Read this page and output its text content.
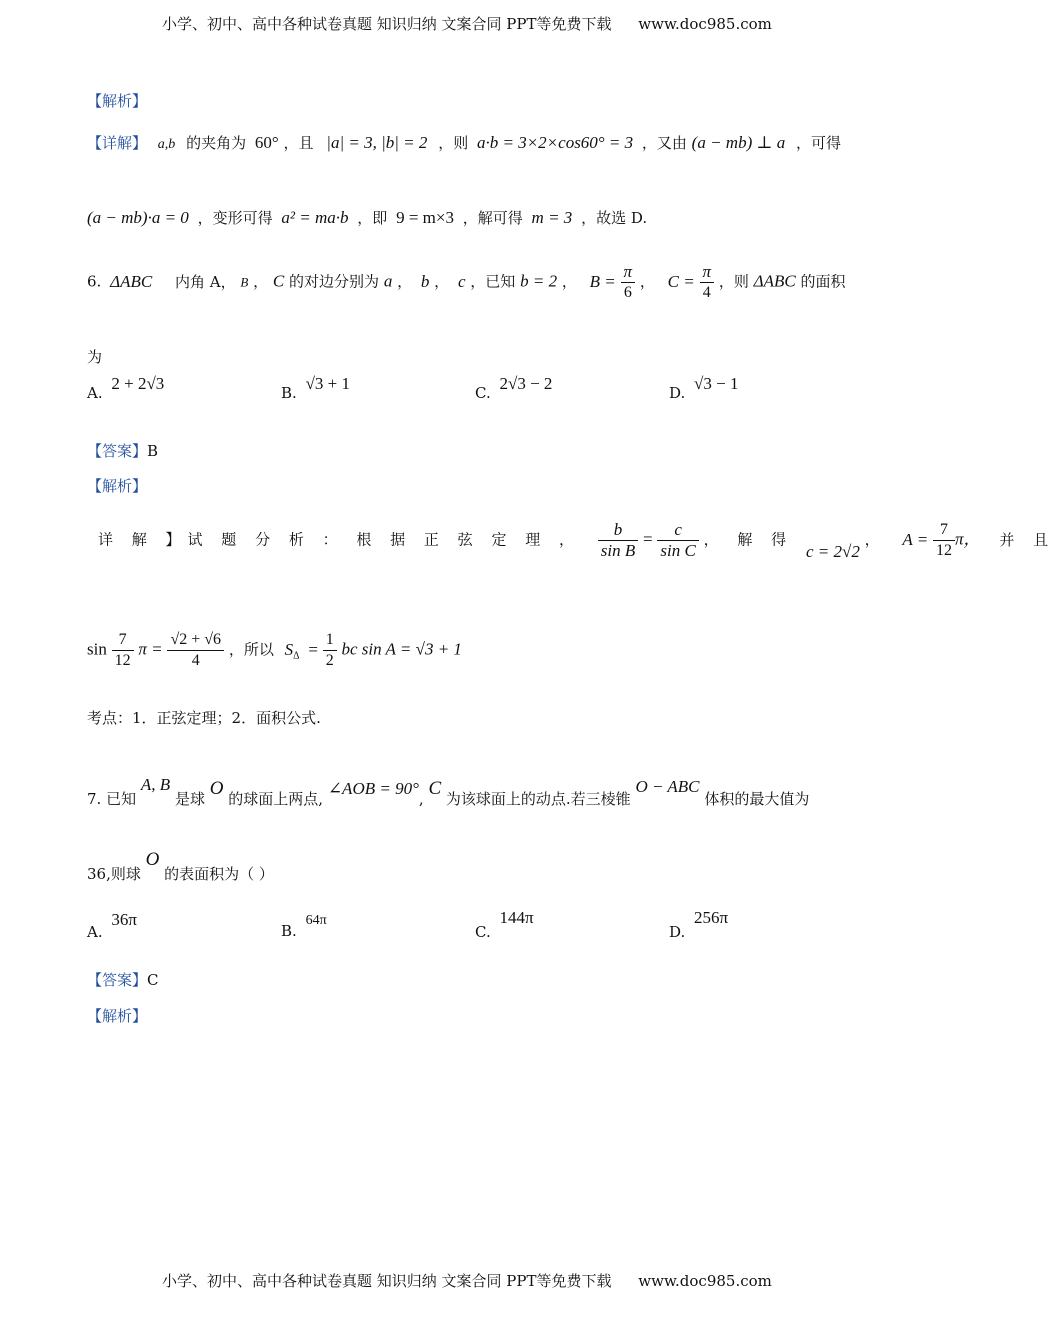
小学、初中、高中各种试卷真题 知识归纳 文案合同 PPT等免费下载 www.doc985.com
【解析】
【详解】 a,b 的夹角为 60° ，且 |a| = 3, |b| = 2 ，则 a·b = 3×2×cos60° = 3 ，又由 (a − mb) ⊥ a ，可得
(a − mb)·a = 0 ，变形可得 a² = ma·b ，即 9 = m×3 ，解可得 m = 3 ，故选 D.
6. ΔABC 内角 A， B ， C 的对边分别为 a ， b ， c ，已知 b = 2 ， $B = \frac{\pi}{6}$ ， $C = \frac{\pi}{4}$ ，则 ΔABC 的面积
为
A. 2 + 2√3	B. √3 + 1	C. 2√3 − 2	D. √3 − 1
【答案】B
【解析】
详 解 】试 题 分 析 ： 根 据 正 弦 定 理 ， $\frac{b}{\text{sin B}} = \frac{c}{\text{sin C}}$ ， 解 得 c = 2√2 ， $A = \frac{7}{12}$ π， 并 且
$\sin \frac{7}{12}$ $\pi = \frac{√2 + √6}{4}$ ，所以 $S_\Delta = \frac{1}{2}$ bc sin A = √3 + 1
考点：1．正弦定理；2．面积公式.
7. 已知 A, B 是球 O 的球面上两点, ∠AOB = 90°, C 为该球面上的动点.若三棱锥 O − ABC 体积的最大值为
36,则球 O 的表面积为（ ）
A. 36π
B. 64π
C. 144π
D. 256π
【答案】C
【解析】
小学、初中、高中各种试卷真题 知识归纳 文案合同 PPT等免费下载 www.doc985.com
